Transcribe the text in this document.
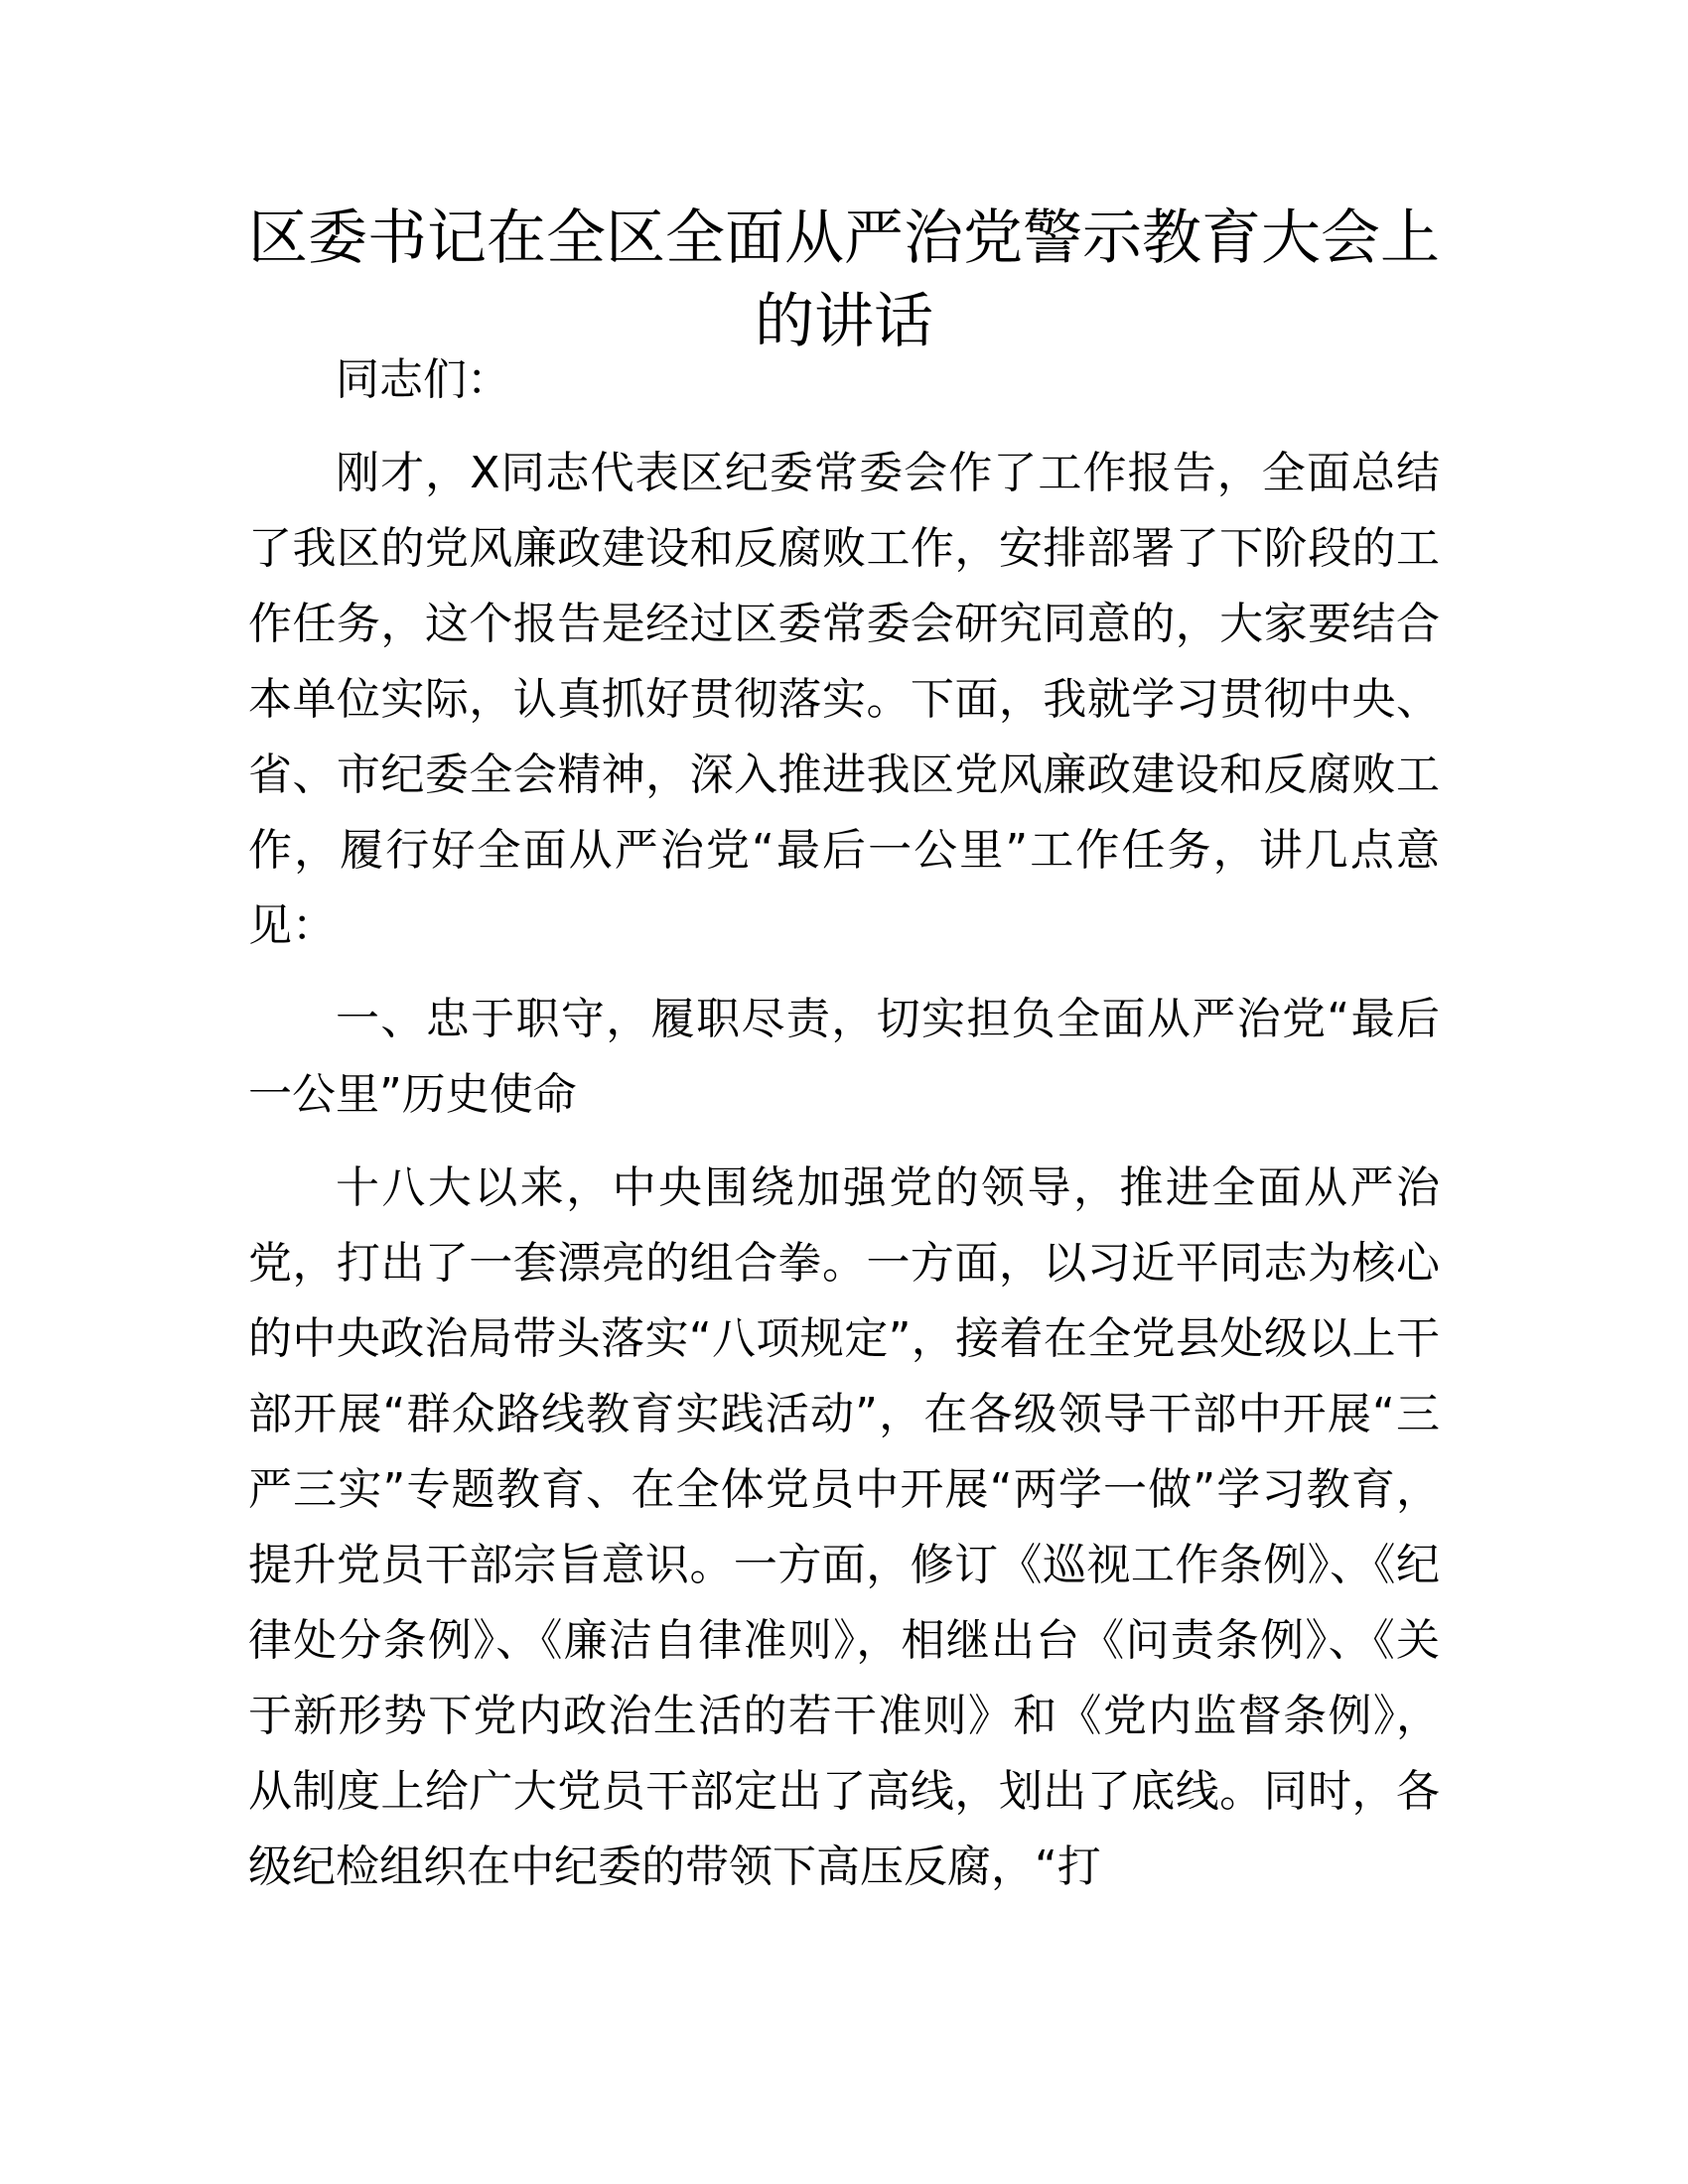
区委书记在全区全面从严治党警示教育大会上的讲话

同志们：

刚才，X同志代表区纪委常委会作了工作报告，全面总结了我区的党风廉政建设和反腐败工作，安排部署了下阶段的工作任务，这个报告是经过区委常委会研究同意的，大家要结合本单位实际，认真抓好贯彻落实。下面，我就学习贯彻中央、省、市纪委全会精神，深入推进我区党风廉政建设和反腐败工作，履行好全面从严治党“最后一公里”工作任务，讲几点意见：

一、忠于职守，履职尽责，切实担负全面从严治党“最后一公里”历史使命

十八大以来，中央围绕加强党的领导，推进全面从严治党，打出了一套漂亮的组合拳。一方面，以习近平同志为核心的中央政治局带头落实“八项规定”，接着在全党县处级以上干部开展“群众路线教育实践活动”，在各级领导干部中开展“三严三实”专题教育、在全体党员中开展“两学一做”学习教育，提升党员干部宗旨意识。一方面，修订《巡视工作条例》、《纪律处分条例》、《廉洁自律准则》，相继出台《问责条例》、《关于新形势下党内政治生活的若干准则》和《党内监督条例》，从制度上给广大党员干部定出了高线，划出了底线。同时，各级纪检组织在中纪委的带领下高压反腐，“打
